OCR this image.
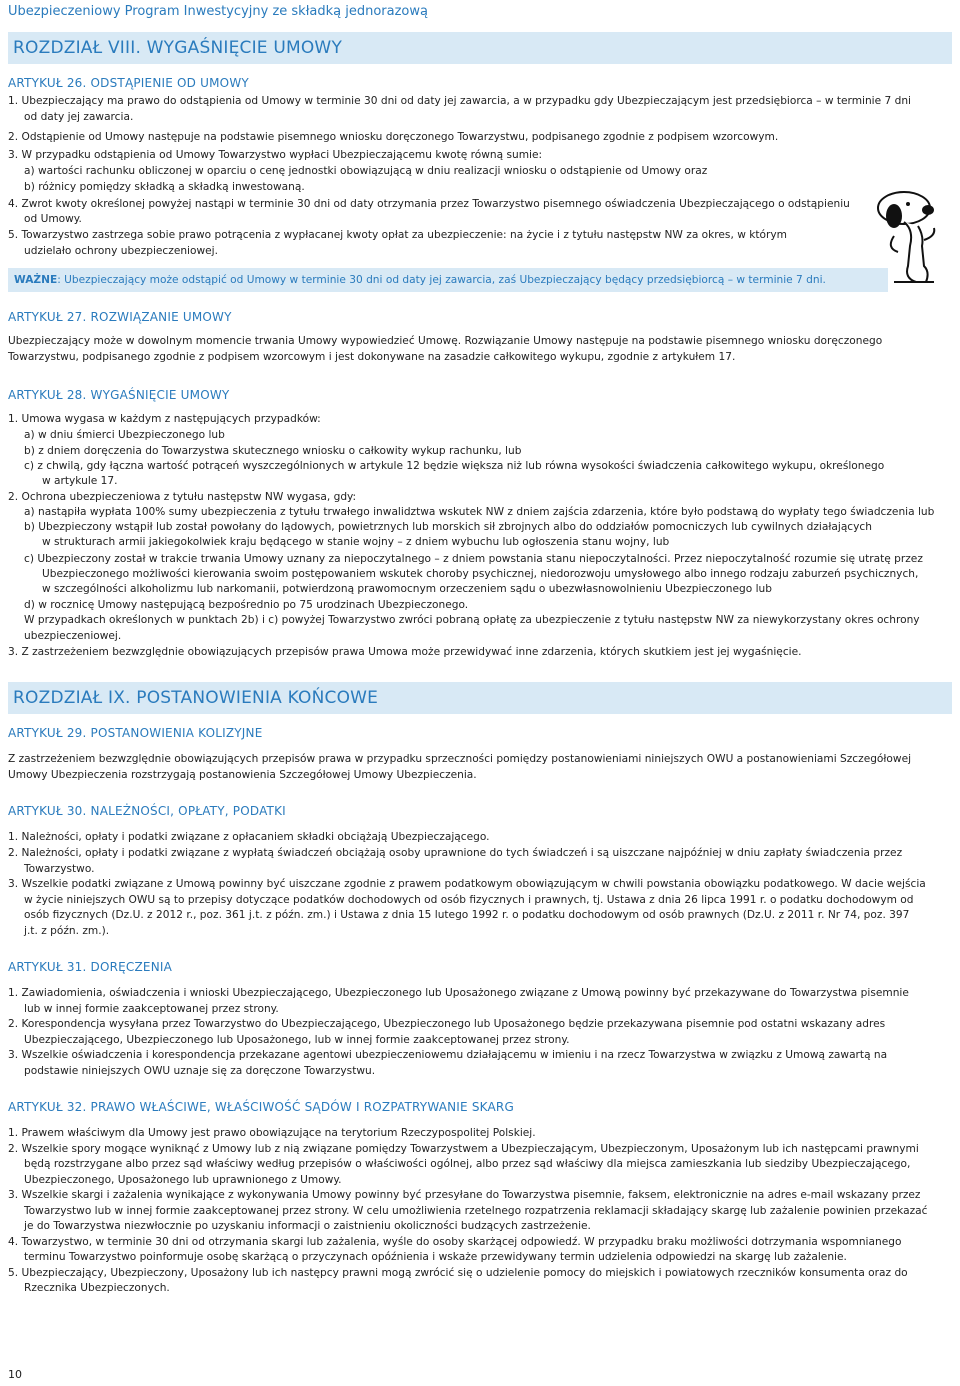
Ubezpieczeniowy Program Inwestycyjny ze składką jednorazową
ROZDZIAŁ VIII. WYGAŚNIĘCIE UMOWY
ARTYKUŁ 26. ODSTĄPIENIE OD UMOWY
1. Ubezpieczający ma prawo do odstąpienia od Umowy w terminie 30 dni od daty jej zawarcia, a w przypadku gdy Ubezpieczającym jest przedsiębiorca – w terminie 7 dni
od daty jej zawarcia.
2. Odstąpienie od Umowy następuje na podstawie pisemnego wniosku doręczonego Towarzystwu, podpisanego zgodnie z podpisem wzorcowym.
3. W przypadku odstąpienia od Umowy Towarzystwo wypłaci Ubezpieczającemu kwotę równą sumie:
a) wartości rachunku obliczonej w oparciu o cenę jednostki obowiązującą w dniu realizacji wniosku o odstąpienie od Umowy oraz
b) różnicy pomiędzy składką a składką inwestowaną.
4. Zwrot kwoty określonej powyżej nastąpi w terminie 30 dni od daty otrzymania przez Towarzystwo pisemnego oświadczenia Ubezpieczającego o odstąpieniu
od Umowy.
5. Towarzystwo zastrzega sobie prawo potrącenia z wypłacanej kwoty opłat za ubezpieczenie: na życie i z tytułu następstw NW za okres, w którym
udzielało ochrony ubezpieczeniowej.
WAŻNE: Ubezpieczający może odstąpić od Umowy w terminie 30 dni od daty jej zawarcia, zaś Ubezpieczający będący przedsiębiorcą – w terminie 7 dni.
ARTYKUŁ 27. ROZWIĄZANIE UMOWY
Ubezpieczający może w dowolnym momencie trwania Umowy wypowiedzieć Umowę. Rozwiązanie Umowy następuje na podstawie pisemnego wniosku doręczonego
Towarzystwu, podpisanego zgodnie z podpisem wzorcowym i jest dokonywane na zasadzie całkowitego wykupu, zgodnie z artykułem 17.
ARTYKUŁ 28. WYGAŚNIĘCIE UMOWY
1. Umowa wygasa w każdym z następujących przypadków:
a) w dniu śmierci Ubezpieczonego lub
b) z dniem doręczenia do Towarzystwa skutecznego wniosku o całkowity wykup rachunku, lub
c) z chwilą, gdy łączna wartość potrąceń wyszczególnionych w artykule 12 będzie większa niż lub równa wysokości świadczenia całkowitego wykupu, określonego
w artykule 17.
2. Ochrona ubezpieczeniowa z tytułu następstw NW wygasa, gdy:
a) nastąpiła wypłata 100% sumy ubezpieczenia z tytułu trwałego inwalidztwa wskutek NW z dniem zajścia zdarzenia, które było podstawą do wypłaty tego świadczenia lub
b) Ubezpieczony wstąpił lub został powołany do lądowych, powietrznych lub morskich sił zbrojnych albo do oddziałów pomocniczych lub cywilnych działających
w strukturach armii jakiegokolwiek kraju będącego w stanie wojny – z dniem wybuchu lub ogłoszenia stanu wojny, lub
c) Ubezpieczony został w trakcie trwania Umowy uznany za niepoczytalnego – z dniem powstania stanu niepoczytalności. Przez niepoczytalność rozumie się utratę przez
Ubezpieczonego możliwości kierowania swoim postępowaniem wskutek choroby psychicznej, niedorozwoju umysłowego albo innego rodzaju zaburzeń psychicznych,
w szczególności alkoholizmu lub narkomanii, potwierdzoną prawomocnym orzeczeniem sądu o ubezwłasnowolnieniu Ubezpieczonego lub
d) w rocznicę Umowy następującą bezpośrednio po 75 urodzinach Ubezpieczonego.
W przypadkach określonych w punktach 2b) i c) powyżej Towarzystwo zwróci pobraną opłatę za ubezpieczenie z tytułu następstw NW za niewykorzystany okres ochrony
ubezpieczeniowej.
3. Z zastrzeżeniem bezwzględnie obowiązujących przepisów prawa Umowa może przewidywać inne zdarzenia, których skutkiem jest jej wygaśnięcie.
ROZDZIAŁ IX. POSTANOWIENIA KOŃCOWE
ARTYKUŁ 29. POSTANOWIENIA KOLIZYJNE
Z zastrzeżeniem bezwzględnie obowiązujących przepisów prawa w przypadku sprzeczności pomiędzy postanowieniami niniejszych OWU a postanowieniami Szczegółowej
Umowy Ubezpieczenia rozstrzygają postanowienia Szczegółowej Umowy Ubezpieczenia.
ARTYKUŁ 30. NALEŻNOŚCI, OPŁATY, PODATKI
1. Należności, opłaty i podatki związane z opłacaniem składki obciążają Ubezpieczającego.
2. Należności, opłaty i podatki związane z wypłatą świadczeń obciążają osoby uprawnione do tych świadczeń i są uiszczane najpóźniej w dniu zapłaty świadczenia przez
Towarzystwo.
3. Wszelkie podatki związane z Umową powinny być uiszczane zgodnie z prawem podatkowym obowiązującym w chwili powstania obowiązku podatkowego. W dacie wejścia
w życie niniejszych OWU są to przepisy dotyczące podatków dochodowych od osób fizycznych i prawnych, tj. Ustawa z dnia 26 lipca 1991 r. o podatku dochodowym od
osób fizycznych (Dz.U. z 2012 r., poz. 361 j.t. z późn. zm.) i Ustawa z dnia 15 lutego 1992 r. o podatku dochodowym od osób prawnych (Dz.U. z 2011 r. Nr 74, poz. 397
j.t. z późn. zm.).
ARTYKUŁ 31. DORĘCZENIA
1. Zawiadomienia, oświadczenia i wnioski Ubezpieczającego, Ubezpieczonego lub Uposażonego związane z Umową powinny być przekazywane do Towarzystwa pisemnie
lub w innej formie zaakceptowanej przez strony.
2. Korespondencja wysyłana przez Towarzystwo do Ubezpieczającego, Ubezpieczonego lub Uposażonego będzie przekazywana pisemnie pod ostatni wskazany adres
Ubezpieczającego, Ubezpieczonego lub Uposażonego, lub w innej formie zaakceptowanej przez strony.
3. Wszelkie oświadczenia i korespondencja przekazane agentowi ubezpieczeniowemu działającemu w imieniu i na rzecz Towarzystwa w związku z Umową zawartą na
podstawie niniejszych OWU uznaje się za doręczone Towarzystwu.
ARTYKUŁ 32. PRAWO WŁAŚCIWE, WŁAŚCIWOŚĆ SĄDÓW I ROZPATRYWANIE SKARG
1. Prawem właściwym dla Umowy jest prawo obowiązujące na terytorium Rzeczypospolitej Polskiej.
2. Wszelkie spory mogące wyniknąć z Umowy lub z nią związane pomiędzy Towarzystwem a Ubezpieczającym, Ubezpieczonym, Uposażonym lub ich następcami prawnymi
będą rozstrzygane albo przez sąd właściwy według przepisów o właściwości ogólnej, albo przez sąd właściwy dla miejsca zamieszkania lub siedziby Ubezpieczającego,
Ubezpieczonego, Uposażonego lub uprawnionego z Umowy.
3. Wszelkie skargi i zażalenia wynikające z wykonywania Umowy powinny być przesyłane do Towarzystwa pisemnie, faksem, elektronicznie na adres e-mail wskazany przez
Towarzystwo lub w innej formie zaakceptowanej przez strony. W celu umożliwienia rzetelnego rozpatrzenia reklamacji składający skargę lub zażalenie powinien przekazać
je do Towarzystwa niezwłocznie po uzyskaniu informacji o zaistnieniu okoliczności budzących zastrzeżenie.
4. Towarzystwo, w terminie 30 dni od otrzymania skargi lub zażalenia, wyśle do osoby skarżącej odpowiedź. W przypadku braku możliwości dotrzymania wspomnianego
terminu Towarzystwo poinformuje osobę skarżącą o przyczynach opóźnienia i wskaże przewidywany termin udzielenia odpowiedzi na skargę lub zażalenie.
5. Ubezpieczający, Ubezpieczony, Uposażony lub ich następcy prawni mogą zwrócić się o udzielenie pomocy do miejskich i powiatowych rzeczników konsumenta oraz do
Rzecznika Ubezpieczonych.
10
